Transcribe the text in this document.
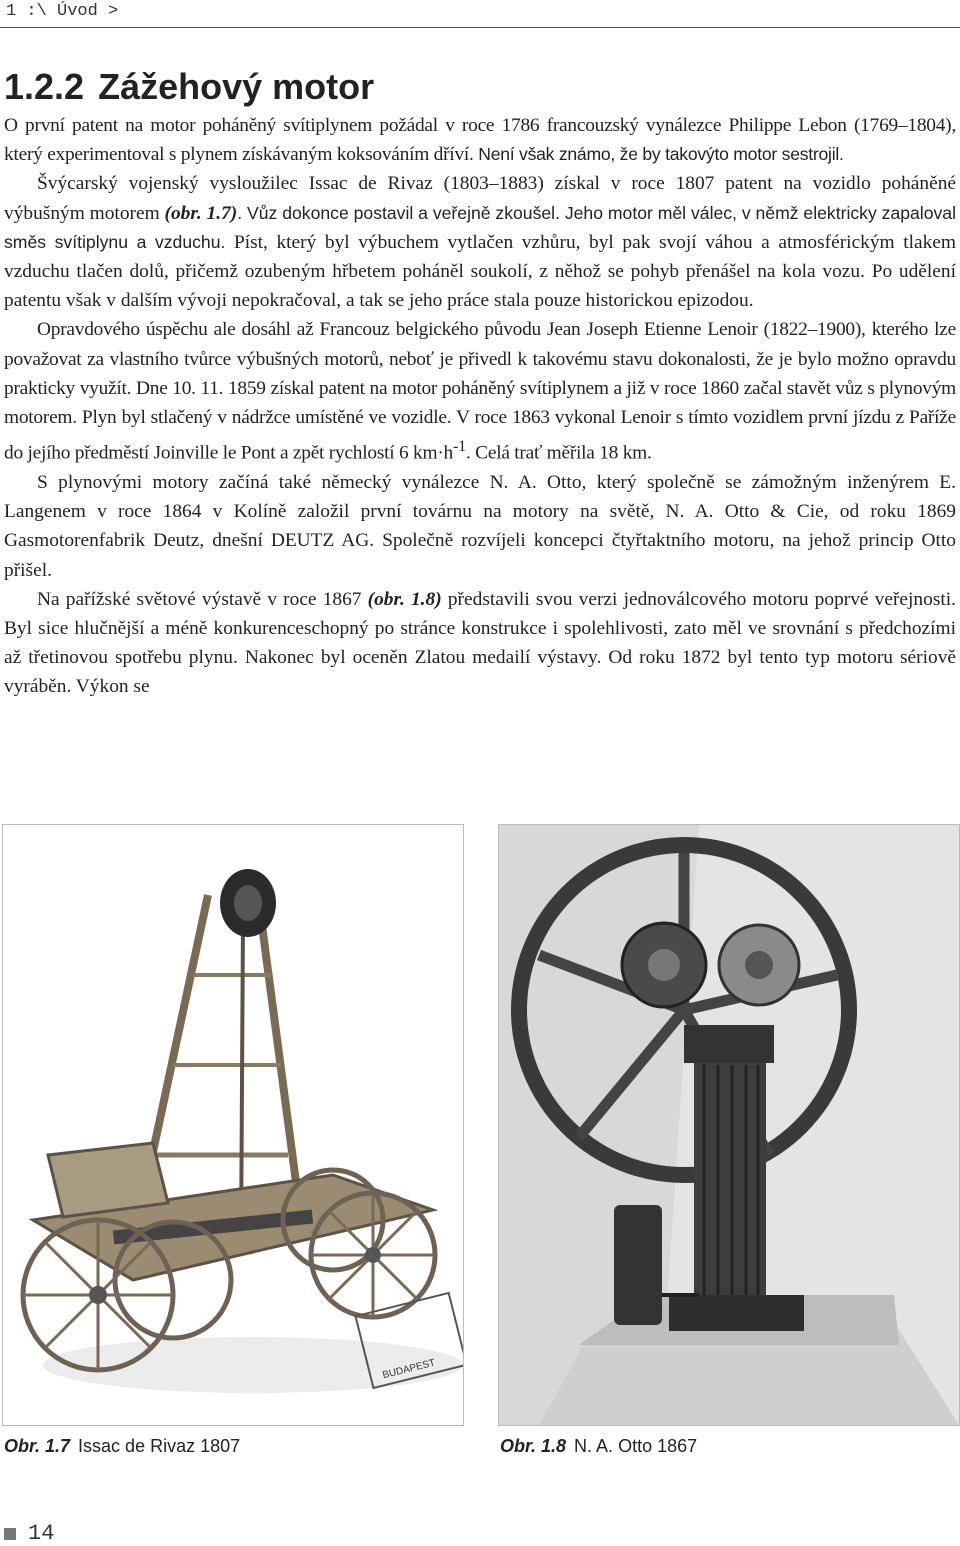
1 :\ Úvod >
1.2.2 Zážehový motor

O první patent na motor poháněný svítiplynem požádal v roce 1786 francouzský vynálezce Philippe Lebon (1769–1804), který experimentoval s plynem získávaným koksováním dříví. Není však známo, že by takovýto motor sestrojil.

Švýcarský vojenský vysloužilec Issac de Rivaz (1803–1883) získal v roce 1807 patent na vozidlo poháněné výbušným motorem (obr. 1.7). Vůz dokonce postavil a veřejně zkoušel. Jeho motor měl válec, v němž elektricky zapaloval směs svítiplynu a vzduchu. Píst, který byl výbuchem vytlačen vzhůru, byl pak svojí váhou a atmosférickým tlakem vzduchu tlačen dolů, přičemž ozubeným hřbetem poháněl soukolí, z něhož se pohyb přenášel na kola vozu. Po udělení patentu však v dalším vývoji nepokračoval, a tak se jeho práce stala pouze historickou epizodou.

Opravdového úspěchu ale dosáhl až Francouz belgického původu Jean Joseph Etienne Lenoir (1822–1900), kterého lze považovat za vlastního tvůrce výbušných motorů, neboť je přivedl k takovému stavu dokonalosti, že je bylo možno opravdu prakticky využít. Dne 10. 11. 1859 získal patent na motor poháněný svítiplynem a již v roce 1860 začal stavět vůz s plynovým motorem. Plyn byl stlačený v nádržce umístěné ve vozidle. V roce 1863 vykonal Lenoir s tímto vozidlem první jízdu z Paříže do jejího předměstí Joinville le Pont a zpět rychlostí 6 $km\cdot h^{-1}$. Celá trať měřila 18 km.

S plynovými motory začíná také německý vynálezce N. A. Otto, který společně se zámožným inženýrem E. Langenem v roce 1864 v Kolíně založil první továrnu na motory na světě, N. A. Otto & Cie, od roku 1869 Gasmotorenfabrik Deutz, dnešní DEUTZ AG. Společně rozvíjeli koncepci čtyřtaktního motoru, na jehož princip Otto přišel.

Na pařížské světové výstavě v roce 1867 (obr. 1.8) představili svou verzi jednoválcového motoru poprvé veřejnosti. Byl sice hlučnější a méně konkurenceschopný po stránce konstrukce i spolehlivosti, zato měl ve srovnání s předchozími až třetinovou spotřebu plynu. Nakonec byl oceněn Zlatou medailí výstavy. Od roku 1872 byl tento typ motoru sériově vyráběn. Výkon se

BUDAPEST
Obr. 1.7 Issac de Rivaz 1807	Obr. 1.8 N. A. Otto 1867
14
